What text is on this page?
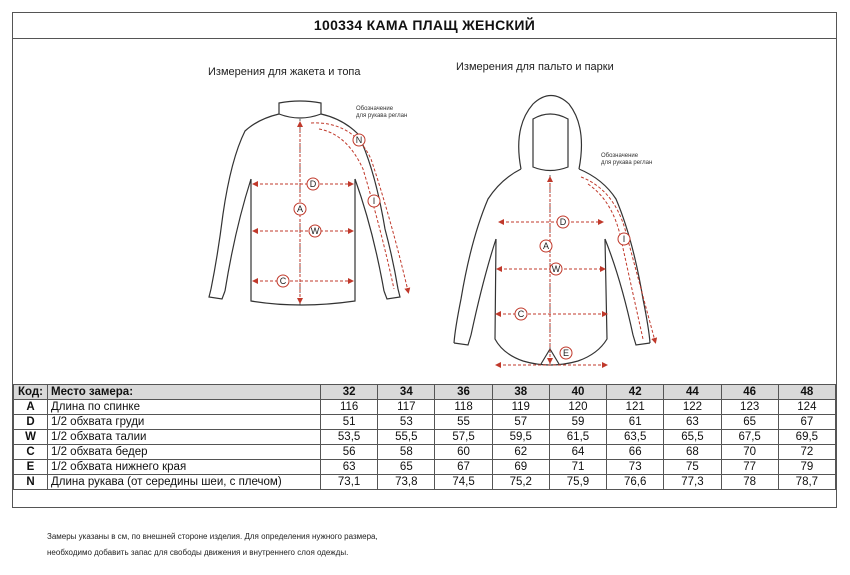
100334 КАМА ПЛАЩ ЖЕНСКИЙ
Измерения для жакета и топа	Измерения для пальто и парки
Обозначение
для рукава реглан
Обозначение
для рукава реглан
D
A
W
C
N
I
D
A
W
C
E
I
Код:	Место замера:	32	34	36	38	40	42	44	46	48
A	Длина по спинке	116	117	118	119	120	121	122	123	124
D	1/2 обхвата груди	51	53	55	57	59	61	63	65	67
W	1/2 обхвата талии	53,5	55,5	57,5	59,5	61,5	63,5	65,5	67,5	69,5
C	1/2 обхвата бедер	56	58	60	62	64	66	68	70	72
E	1/2 обхвата нижнего края	63	65	67	69	71	73	75	77	79
N	Длина рукава (от середины шеи, с плечом)	73,1	73,8	74,5	75,2	75,9	76,6	77,3	78	78,7
Замеры указаны в см, по внешней стороне изделия. Для определения нужного размера,
необходимо добавить запас для свободы движения и внутреннего слоя одежды.
